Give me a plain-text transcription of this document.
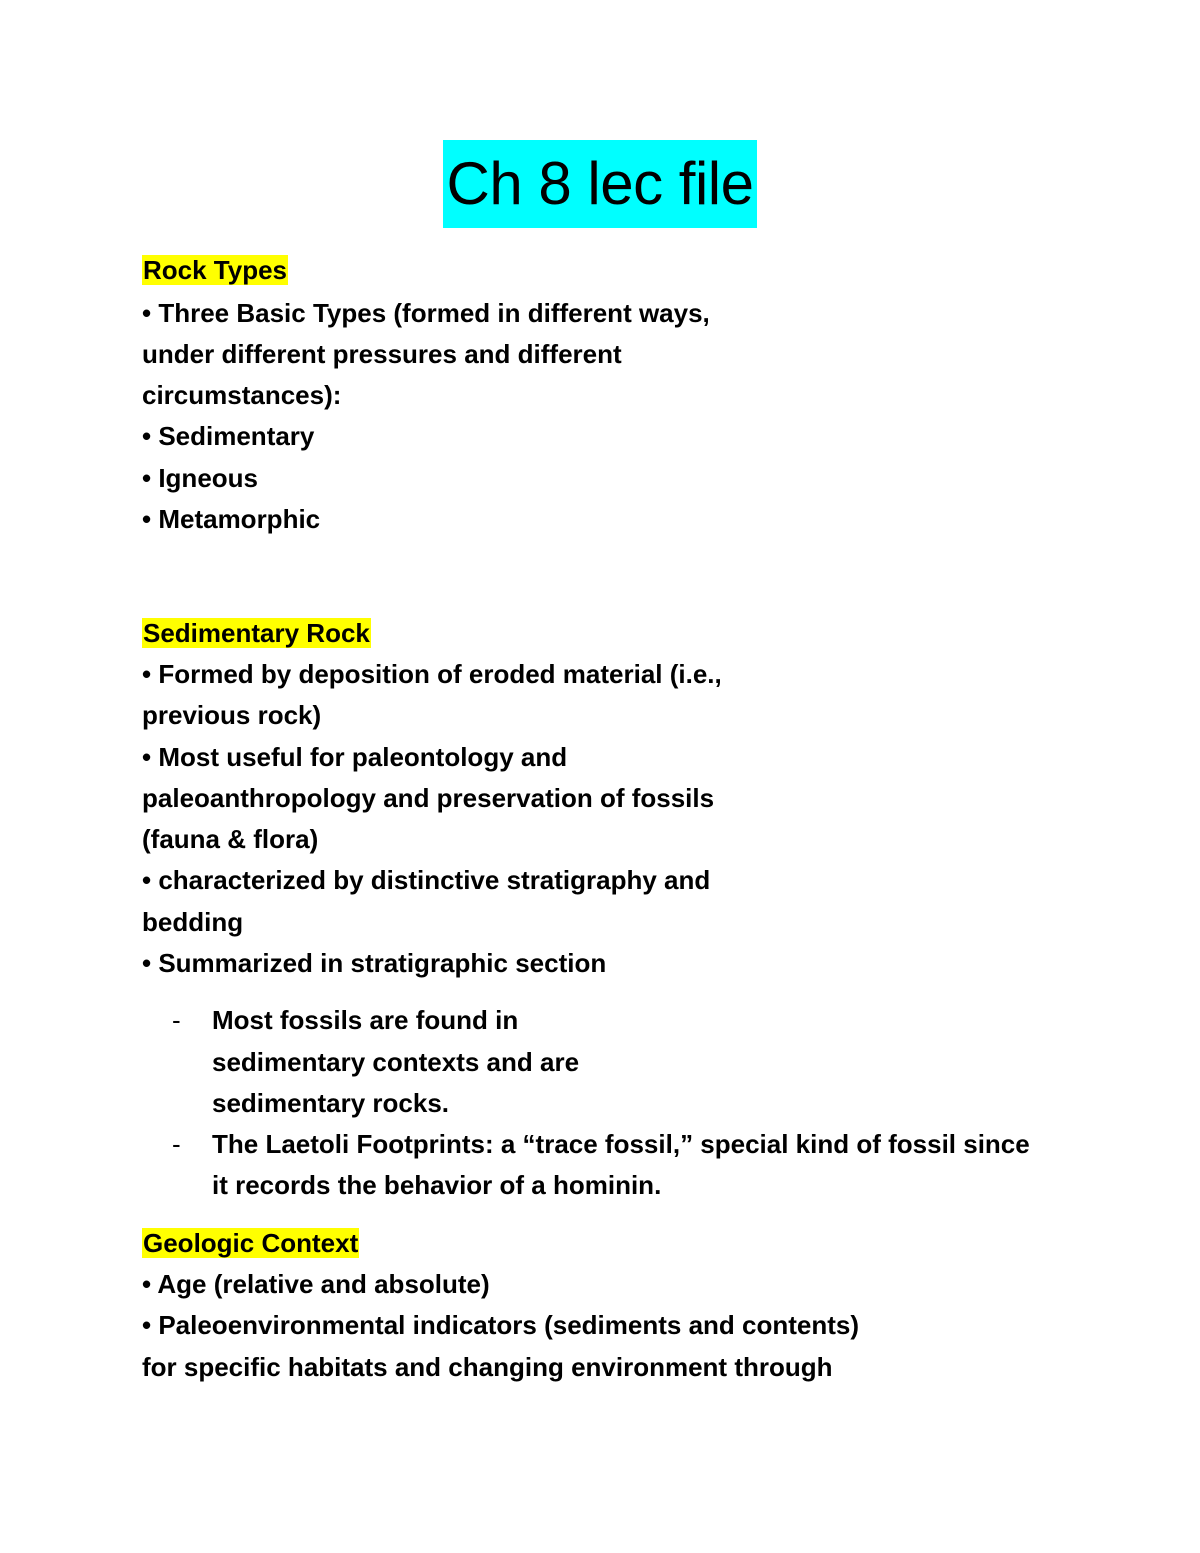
Ch 8 lec file
Rock Types
• Three Basic Types (formed in different ways,
under different pressures and different
circumstances):
• Sedimentary
• Igneous
• Metamorphic
Sedimentary Rock
• Formed by deposition of eroded material (i.e.,
previous rock)
• Most useful for paleontology and
paleoanthropology and preservation of fossils
(fauna & flora)
• characterized by distinctive stratigraphy and
bedding
• Summarized in stratigraphic section
- Most fossils are found in
sedimentary contexts and are
sedimentary rocks.
- The Laetoli Footprints: a “trace fossil,” special kind of fossil since
it records the behavior of a hominin.
Geologic Context
• Age (relative and absolute)
• Paleoenvironmental indicators (sediments and contents)
for specific habitats and changing environment through
